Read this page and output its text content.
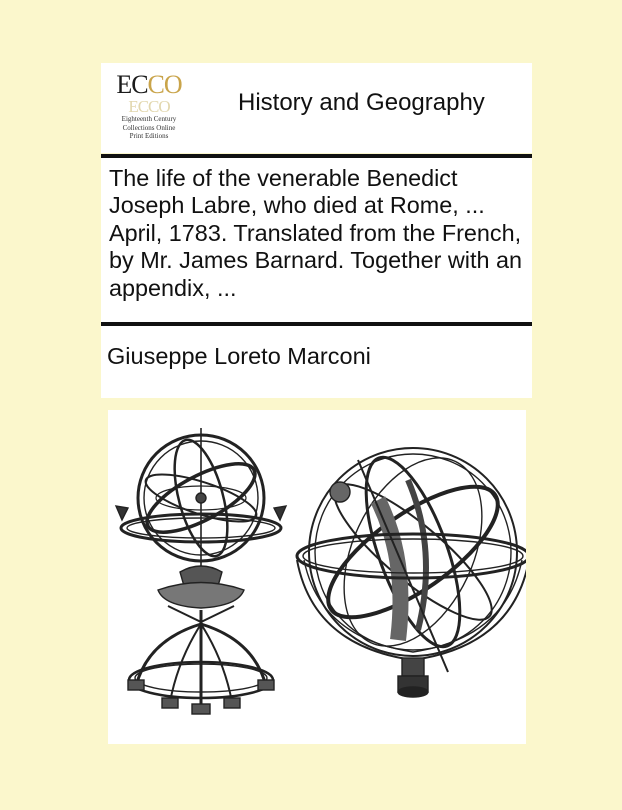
ECCO
ECCO
Eighteenth Century
Collections Online
Print Editions
History and Geography
The life of the venerable Benedict Joseph Labre, who died at Rome, ... April, 1783. Translated from the French, by Mr. James Barnard. Together with an appendix, ...
Giuseppe Loreto Marconi
